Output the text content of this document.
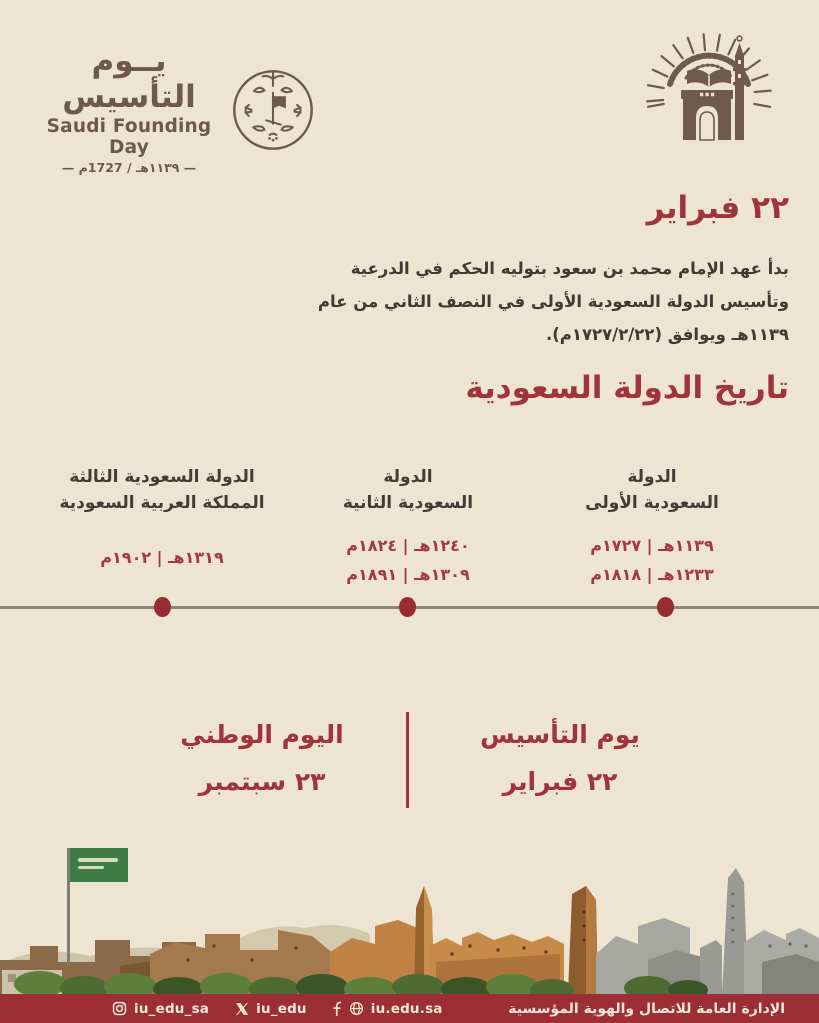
يــوم التأسيس
Saudi Founding Day
— ١١٣٩هـ / 1727م —
٢٢ فبراير

بدأ عهد الإمام محمد بن سعود بتوليه الحكم في الدرعية وتأسيس الدولة السعودية الأولى في النصف الثاني من عام ١١٣٩هـ ويوافق (١٧٢٧/٢/٢٢م).

تاريخ الدولة السعودية
الدولة
السعودية الأولى
١١٣٩هـ | ١٧٢٧م
١٢٣٣هـ | ١٨١٨م
الدولة
السعودية الثانية
١٢٤٠هـ | ١٨٢٤م
١٣٠٩هـ | ١٨٩١م
الدولة السعودية الثالثة
المملكة العربية السعودية
١٣١٩هـ | ١٩٠٢م
يوم التأسيس
٢٢ فبراير
اليوم الوطني
٢٣ سبتمبر
iu_edu_sa	iu_edu	iu.edu.sa	الإدارة العامة للاتصال والهوية المؤسسية
